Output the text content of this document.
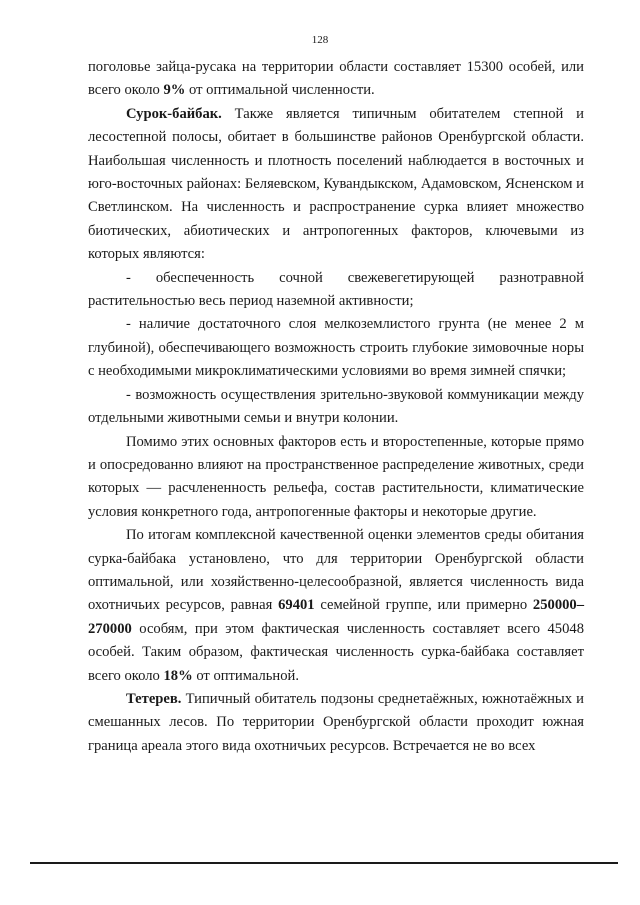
128

поголовье зайца-русака на территории области составляет 15300 особей, или всего около 9% от оптимальной численности.

Сурок-байбак. Также является типичным обитателем степной и лесостепной полосы, обитает в большинстве районов Оренбургской области. Наибольшая численность и плотность поселений наблюдается в восточных и юго-восточных районах: Беляевском, Кувандыкском, Адамовском, Ясненском и Светлинском. На численность и распространение сурка влияет множество биотических, абиотических и антропогенных факторов, ключевыми из которых являются:

- обеспеченность сочной свежевегетирующей разнотравной растительностью весь период наземной активности;

- наличие достаточного слоя мелкоземлистого грунта (не менее 2 м глубиной), обеспечивающего возможность строить глубокие зимовочные норы с необходимыми микроклиматическими условиями во время зимней спячки;

- возможность осуществления зрительно-звуковой коммуникации между отдельными животными семьи и внутри колонии.

Помимо этих основных факторов есть и второстепенные, которые прямо и опосредованно влияют на пространственное распределение животных, среди которых — расчлененность рельефа, состав растительности, климатические условия конкретного года, антропогенные факторы и некоторые другие.

По итогам комплексной качественной оценки элементов среды обитания сурка-байбака установлено, что для территории Оренбургской области оптимальной, или хозяйственно-целесообразной, является численность вида охотничьих ресурсов, равная 69401 семейной группе, или примерно 250000–270000 особям, при этом фактическая численность составляет всего 45048 особей. Таким образом, фактическая численность сурка-байбака составляет всего около 18% от оптимальной.

Тетерев. Типичный обитатель подзоны среднетаёжных, южнотаёжных и смешанных лесов. По территории Оренбургской области проходит южная граница ареала этого вида охотничьих ресурсов. Встречается не во всех
